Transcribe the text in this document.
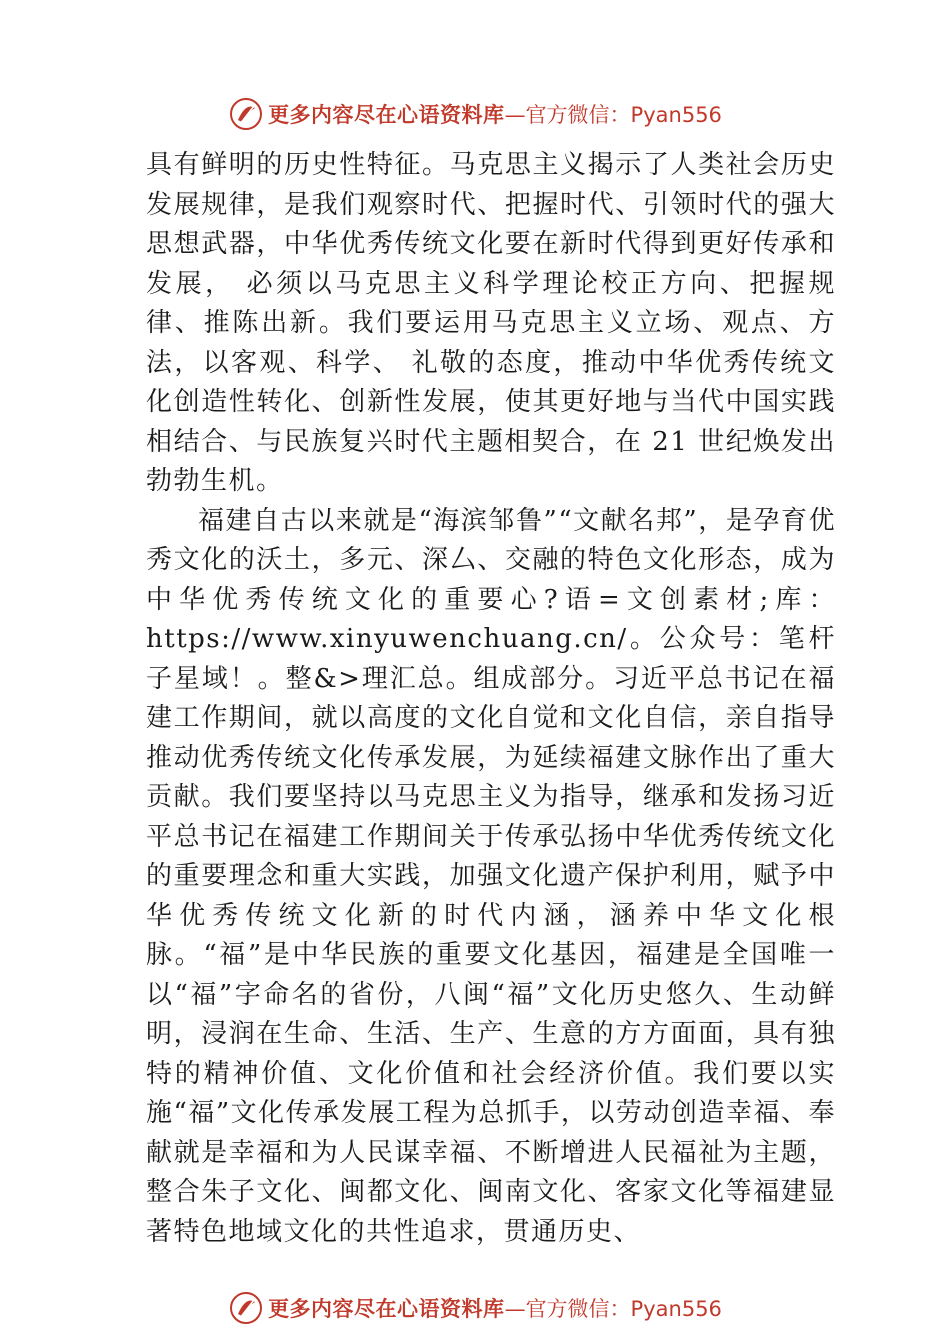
更多内容尽在心语资料库 —官方微信：Pyan556

具有鲜明的历史性特征。马克思主义揭示了人类社会历史发展规律，是我们观察时代、把握时代、引领时代的强大思想武器，中华优秀传统文化要在新时代得到更好传承和发展， 必须以马克思主义科学理论校正方向、把握规律、推陈出新。我们要运用马克思主义立场、观点、方法，以客观、科学、 礼敬的态度，推动中华优秀传统文化创造性转化、创新性发展，使其更好地与当代中国实践相结合、与民族复兴时代主题相契合，在 21 世纪焕发出勃勃生机。

福建自古以来就是“海滨邹鲁”“文献名邦”，是孕育优秀文化的沃土，多元、深厶、交融的特色文化形态，成为中华优秀传统文化的重要心?语=文创素材;库：https://www.xinyuwenchuang.cn/。公众号：笔杆子星域！。整&>理汇总。组成部分。习近平总书记在福建工作期间，就以高度的文化自觉和文化自信，亲自指导推动优秀传统文化传承发展，为延续福建文脉作出了重大贡献。我们要坚持以马克思主义为指导，继承和发扬习近平总书记在福建工作期间关于传承弘扬中华优秀传统文化的重要理念和重大实践，加强文化遗产保护利用，赋予中华优秀传统文化新的时代内涵，涵养中华文化根脉。“福”是中华民族的重要文化基因，福建是全国唯一以“福”字命名的省份，八闽“福”文化历史悠久、生动鲜明，浸润在生命、生活、生产、生意的方方面面，具有独特的精神价值、文化价值和社会经济价值。我们要以实施“福”文化传承发展工程为总抓手，以劳动创造幸福、奉献就是幸福和为人民谋幸福、不断增进人民福祉为主题，整合朱子文化、闽都文化、闽南文化、客家文化等福建显著特色地域文化的共性追求，贯通历史、

更多内容尽在心语资料库 —官方微信：Pyan556
